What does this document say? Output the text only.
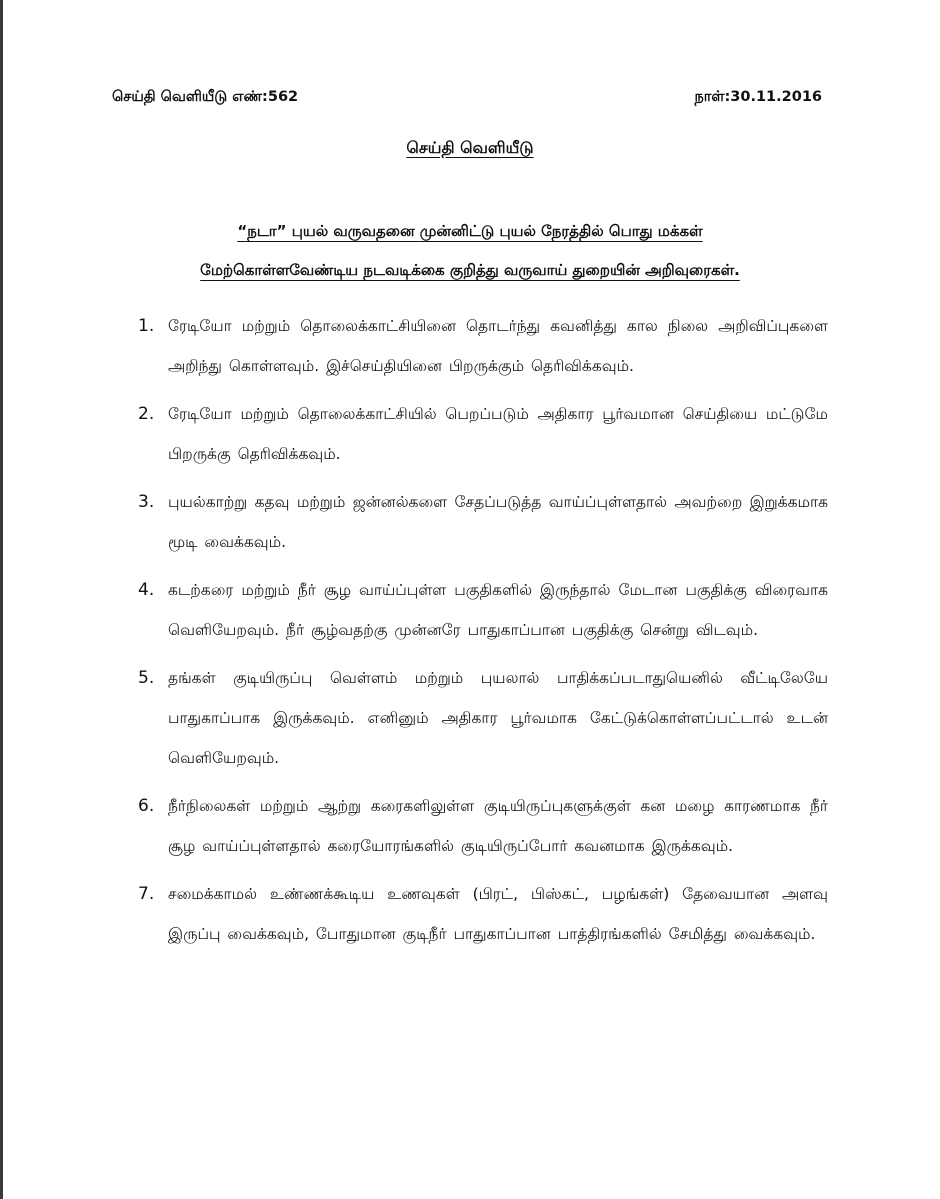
செய்தி வெளியீடு எண்:562	நாள்:30.11.2016
செய்தி வெளியீடு
“நடா” புயல் வருவதனை முன்னிட்டு புயல் நேரத்தில் பொது மக்கள்
மேற்கொள்ளவேண்டிய நடவடிக்கை குறித்து வருவாய் துறையின் அறிவுரைகள்.
1. ரேடியோ மற்றும் தொலைக்காட்சியினை தொடர்ந்து கவனித்து கால நிலை அறிவிப்புகளை அறிந்து கொள்ளவும். இச்செய்தியினை பிறருக்கும் தெரிவிக்கவும்.
2. ரேடியோ மற்றும் தொலைக்காட்சியில் பெறப்படும் அதிகார பூர்வமான செய்தியை மட்டுமே பிறருக்கு தெரிவிக்கவும்.
3. புயல்காற்று கதவு மற்றும் ஜன்னல்களை சேதப்படுத்த வாய்ப்புள்ளதால் அவற்றை இறுக்கமாக மூடி வைக்கவும்.
4. கடற்கரை மற்றும் நீர் சூழ வாய்ப்புள்ள பகுதிகளில் இருந்தால் மேடான பகுதிக்கு விரைவாக வெளியேறவும். நீர் சூழ்வதற்கு முன்னரே பாதுகாப்பான பகுதிக்கு சென்று விடவும்.
5. தங்கள் குடியிருப்பு வெள்ளம் மற்றும் புயலால் பாதிக்கப்படாதுயெனில் வீட்டிலேயே பாதுகாப்பாக இருக்கவும். எனினும் அதிகார பூர்வமாக கேட்டுக்கொள்ளப்பட்டால் உடன் வெளியேறவும்.
6. நீர்நிலைகள் மற்றும் ஆற்று கரைகளிலுள்ள குடியிருப்புகளுக்குள் கன மழை காரணமாக நீர் சூழ வாய்ப்புள்ளதால் கரையோரங்களில் குடியிருப்போர் கவனமாக இருக்கவும்.
7. சமைக்காமல் உண்ணக்கூடிய உணவுகள் (பிரட், பிஸ்கட், பழங்கள்) தேவையான அளவு இருப்பு வைக்கவும், போதுமான குடிநீர் பாதுகாப்பான பாத்திரங்களில் சேமித்து வைக்கவும்.
